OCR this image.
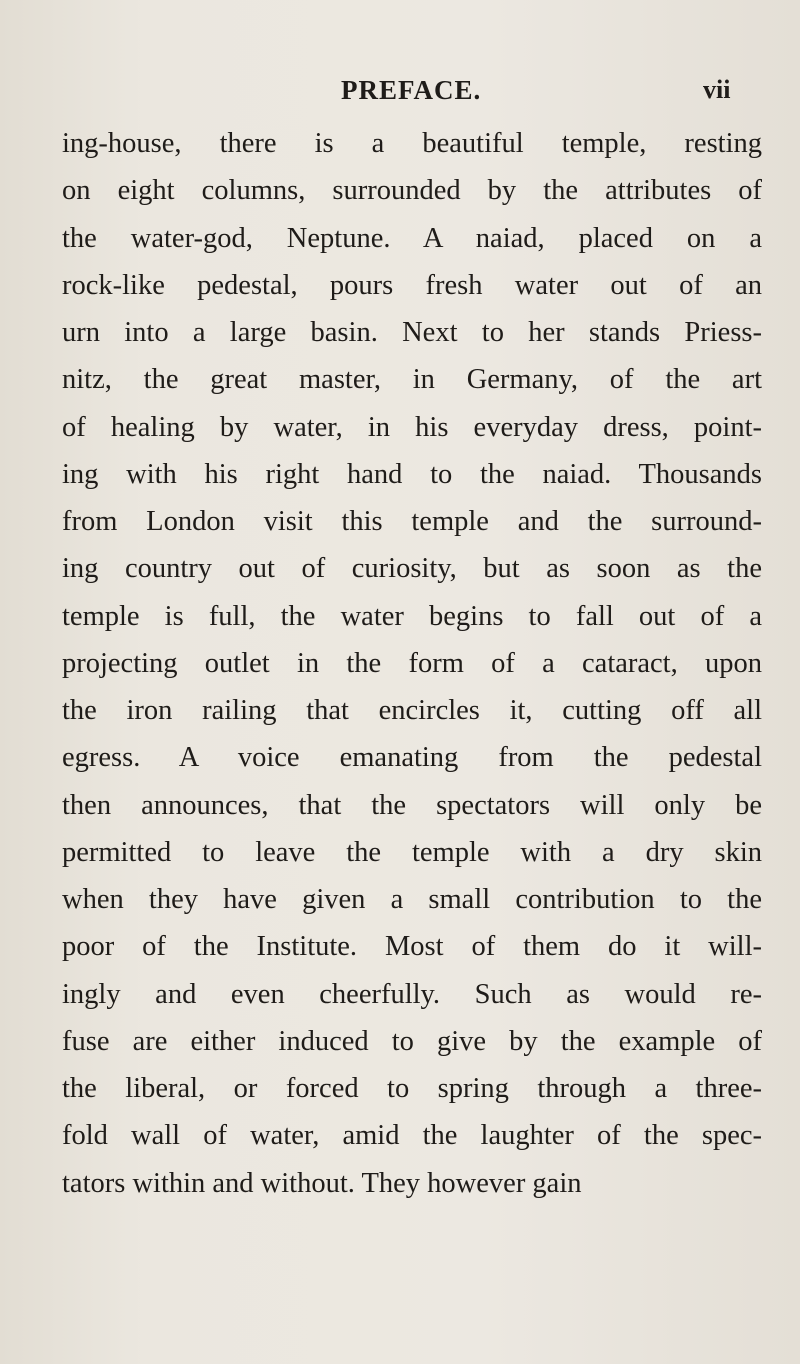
PREFACE.	vii
ing-house, there is a beautiful temple, resting
on eight columns, surrounded by the attributes of
the water-god, Neptune. A naiad, placed on a
rock-like pedestal, pours fresh water out of an
urn into a large basin. Next to her stands Priess-
nitz, the great master, in Germany, of the art
of healing by water, in his everyday dress, point-
ing with his right hand to the naiad. Thousands
from London visit this temple and the surround-
ing country out of curiosity, but as soon as the
temple is full, the water begins to fall out of a
projecting outlet in the form of a cataract, upon
the iron railing that encircles it, cutting off all
egress. A voice emanating from the pedestal
then announces, that the spectators will only be
permitted to leave the temple with a dry skin
when they have given a small contribution to the
poor of the Institute. Most of them do it will-
ingly and even cheerfully. Such as would re-
fuse are either induced to give by the example of
the liberal, or forced to spring through a three-
fold wall of water, amid the laughter of the spec-
tators within and without. They however gain
